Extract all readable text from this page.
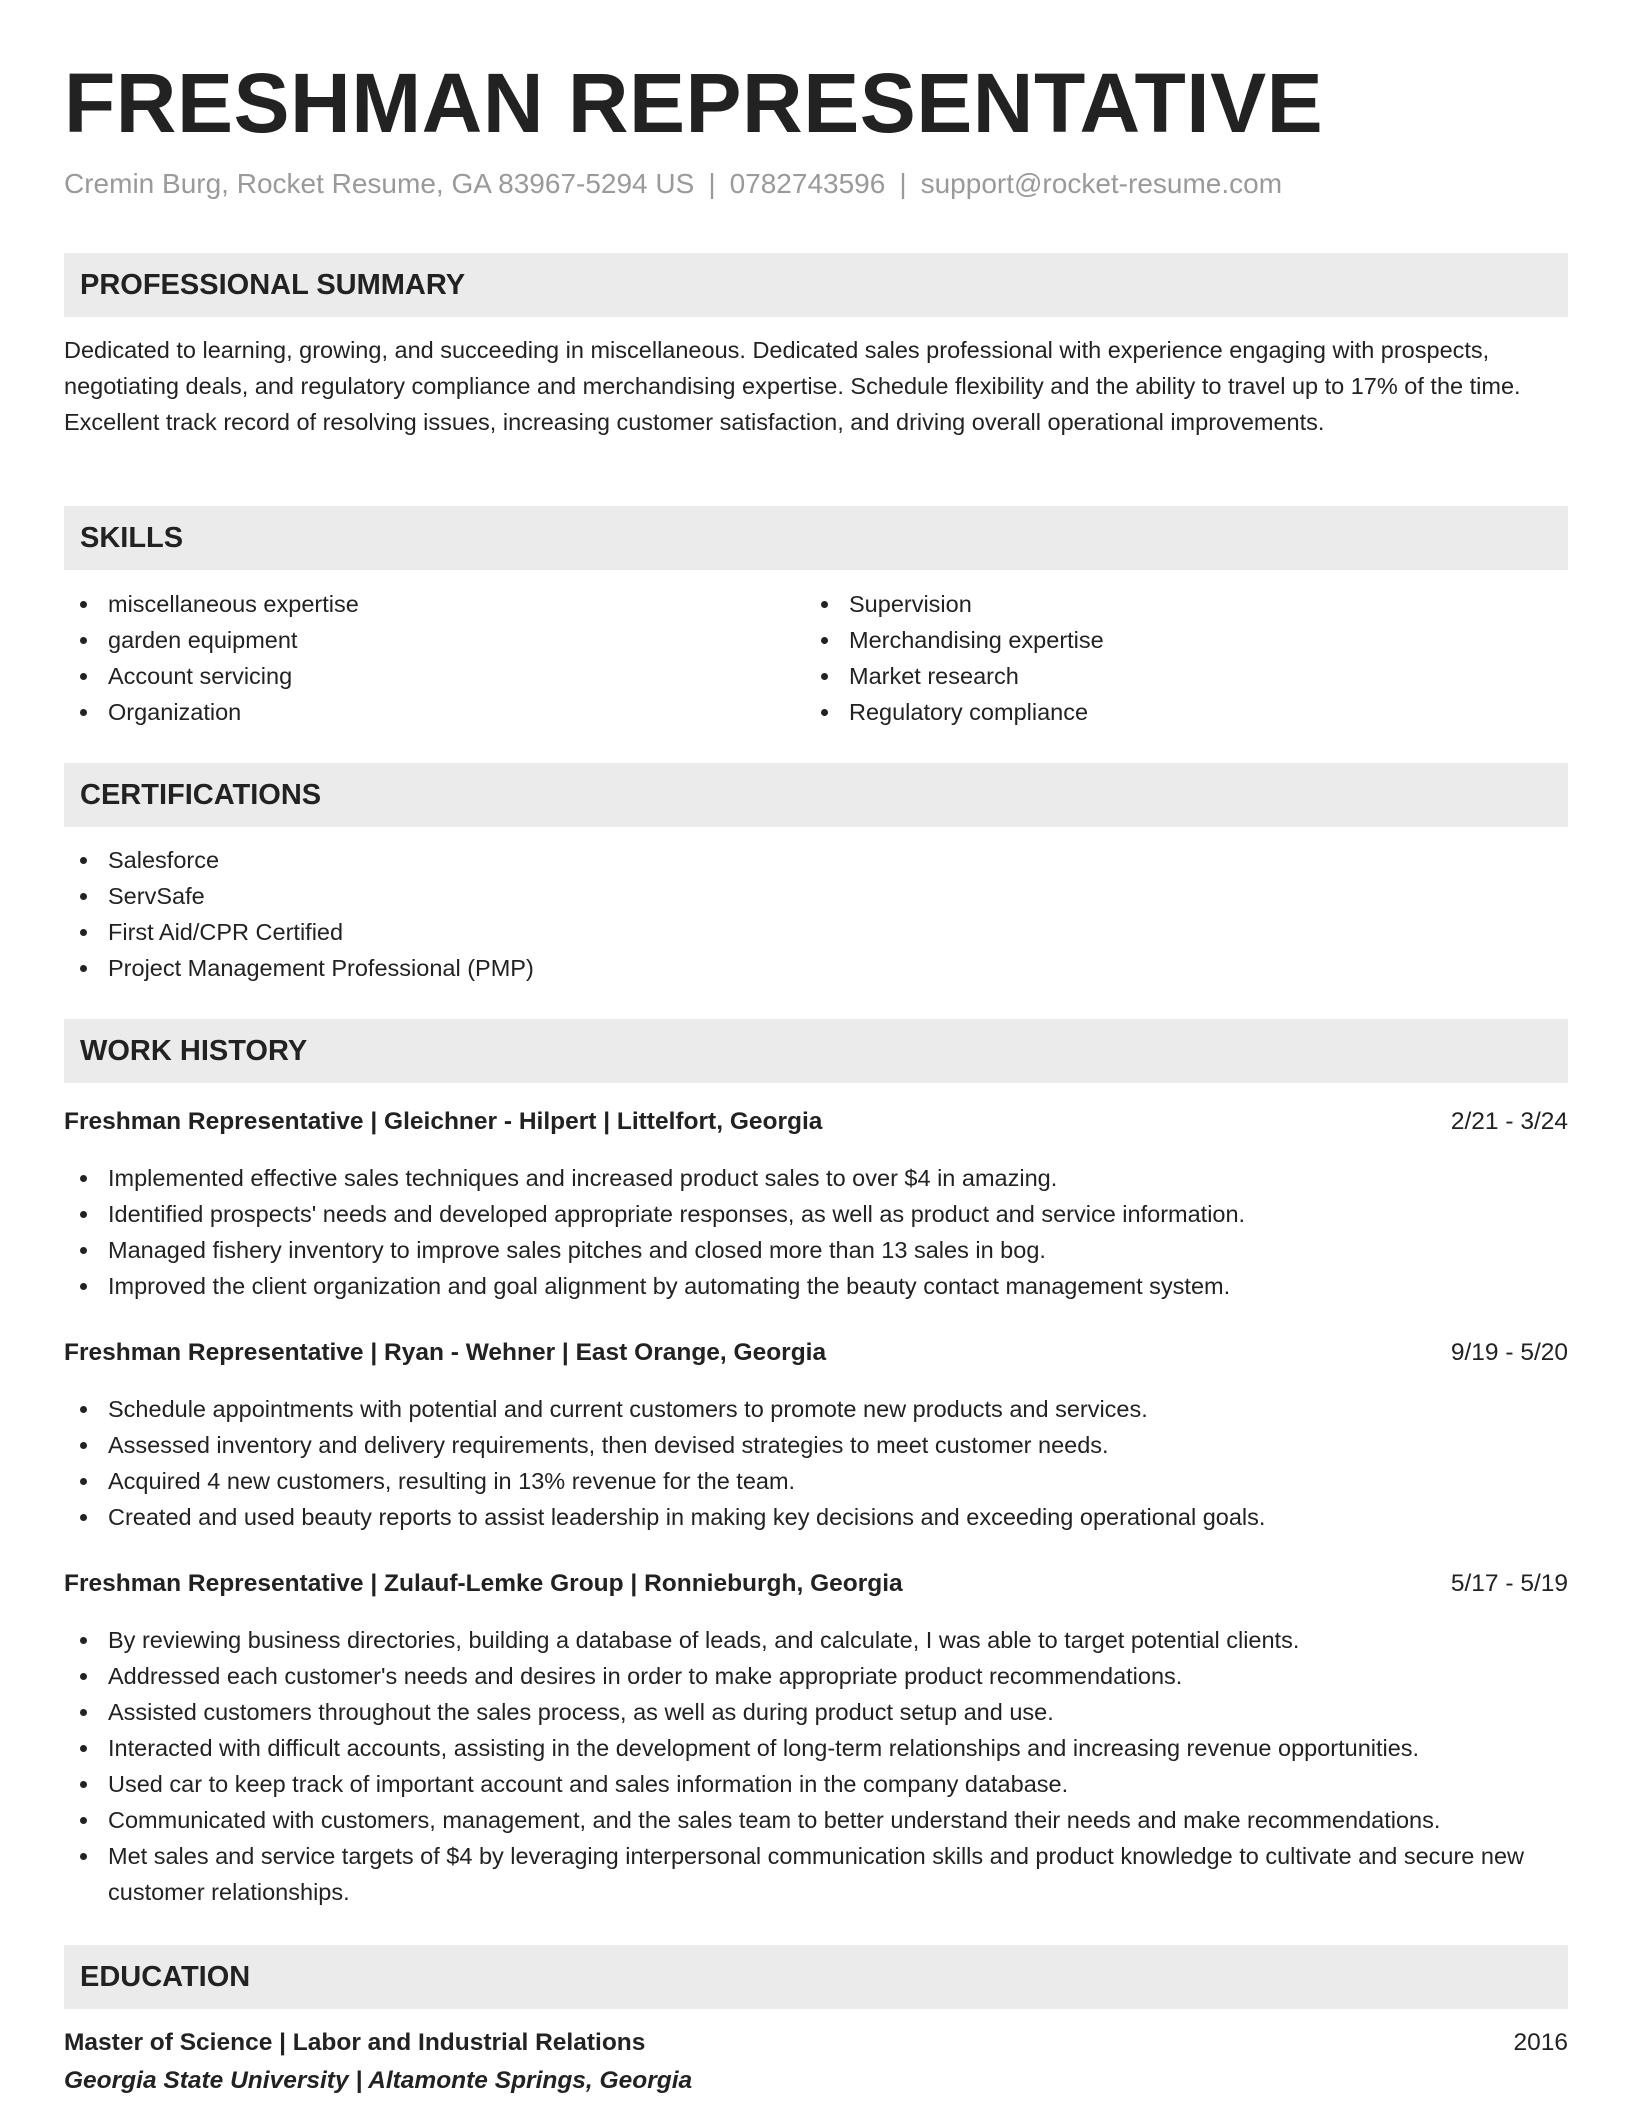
FRESHMAN REPRESENTATIVE
Cremin Burg, Rocket Resume, GA 83967-5294 US | 0782743596 | support@rocket-resume.com
PROFESSIONAL SUMMARY

Dedicated to learning, growing, and succeeding in miscellaneous. Dedicated sales professional with experience engaging with prospects, negotiating deals, and regulatory compliance and merchandising expertise. Schedule flexibility and the ability to travel up to 17% of the time. Excellent track record of resolving issues, increasing customer satisfaction, and driving overall operational improvements.

SKILLS
miscellaneous expertise
garden equipment
Account servicing
Organization
Supervision
Merchandising expertise
Market research
Regulatory compliance
CERTIFICATIONS
Salesforce
ServSafe
First Aid/CPR Certified
Project Management Professional (PMP)
WORK HISTORY
Freshman Representative | Gleichner - Hilpert | Littelfort, Georgia	2/21 - 3/24
Implemented effective sales techniques and increased product sales to over $4 in amazing.
Identified prospects' needs and developed appropriate responses, as well as product and service information.
Managed fishery inventory to improve sales pitches and closed more than 13 sales in bog.
Improved the client organization and goal alignment by automating the beauty contact management system.
Freshman Representative | Ryan - Wehner | East Orange, Georgia	9/19 - 5/20
Schedule appointments with potential and current customers to promote new products and services.
Assessed inventory and delivery requirements, then devised strategies to meet customer needs.
Acquired 4 new customers, resulting in 13% revenue for the team.
Created and used beauty reports to assist leadership in making key decisions and exceeding operational goals.
Freshman Representative | Zulauf-Lemke Group | Ronnieburgh, Georgia	5/17 - 5/19
By reviewing business directories, building a database of leads, and calculate, I was able to target potential clients.
Addressed each customer's needs and desires in order to make appropriate product recommendations.
Assisted customers throughout the sales process, as well as during product setup and use.
Interacted with difficult accounts, assisting in the development of long-term relationships and increasing revenue opportunities.
Used car to keep track of important account and sales information in the company database.
Communicated with customers, management, and the sales team to better understand their needs and make recommendations.
Met sales and service targets of $4 by leveraging interpersonal communication skills and product knowledge to cultivate and secure new customer relationships.
EDUCATION
Master of Science | Labor and Industrial Relations	2016
Georgia State University | Altamonte Springs, Georgia
